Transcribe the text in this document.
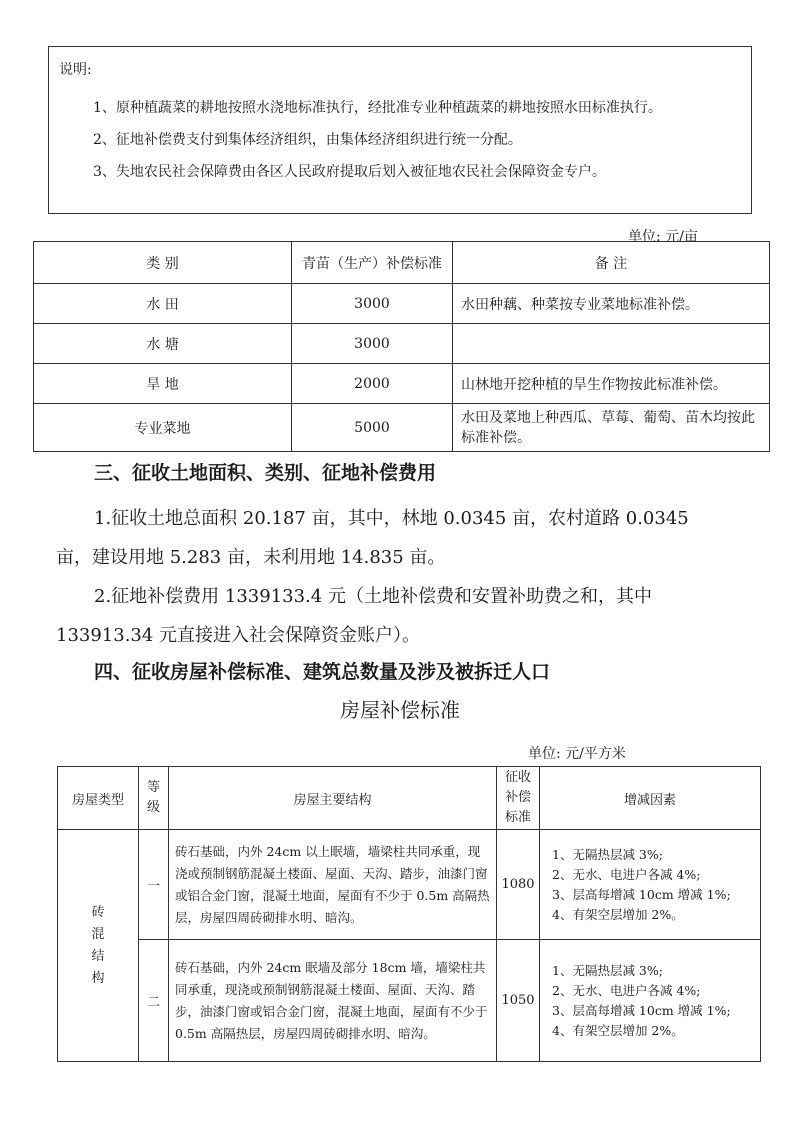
说明:
1、原种植蔬菜的耕地按照水浇地标准执行，经批准专业种植蔬菜的耕地按照水田标准执行。
2、征地补偿费支付到集体经济组织，由集体经济组织进行统一分配。
3、失地农民社会保障费由各区人民政府提取后划入被征地农民社会保障资金专户。
单位: 元/亩
类 别	青苗（生产）补偿标准	备 注
水 田	3000	水田种藕、种菜按专业菜地标准补偿。
水 塘	3000	
旱 地	2000	山林地开挖种植的旱生作物按此标准补偿。
专业菜地	5000	水田及菜地上种西瓜、草莓、葡萄、苗木均按此标准补偿。
三、征收土地面积、类别、征地补偿费用
1.征收土地总面积 20.187 亩，其中，林地 0.0345 亩，农村道路 0.0345
亩，建设用地 5.283 亩，未利用地 14.835 亩。
2.征地补偿费用 1339133.4 元（土地补偿费和安置补助费之和，其中
133913.34 元直接进入社会保障资金账户）。
四、征收房屋补偿标准、建筑总数量及涉及被拆迁人口
房屋补偿标准
单位: 元/平方米
房屋类型	等级	房屋主要结构	征收补偿标准	增减因素
砖混结构	一	砖石基础，内外 24cm 以上眠墙，墙梁柱共同承重，现浇或预制钢筋混凝土楼面、屋面、天沟、踏步，油漆门窗或铝合金门窗，混凝土地面，屋面有不少于 0.5m 高隔热层，房屋四周砖砌排水明、暗沟。	1080	1、无隔热层减 3%;
2、无水、电进户各减 4%;
3、层高每增减 10cm 增减 1%;
4、有架空层增加 2%。

	二	砖石基础，内外 24cm 眠墙及部分 18cm 墙，墙梁柱共同承重，现浇或预制钢筋混凝土楼面、屋面、天沟、踏步，油漆门窗或铝合金门窗，混凝土地面，屋面有不少于 0.5m 高隔热层，房屋四周砖砌排水明、暗沟。	1050	1、无隔热层减 3%;
2、无水、电进户各减 4%;
3、层高每增减 10cm 增减 1%;
4、有架空层增加 2%。
